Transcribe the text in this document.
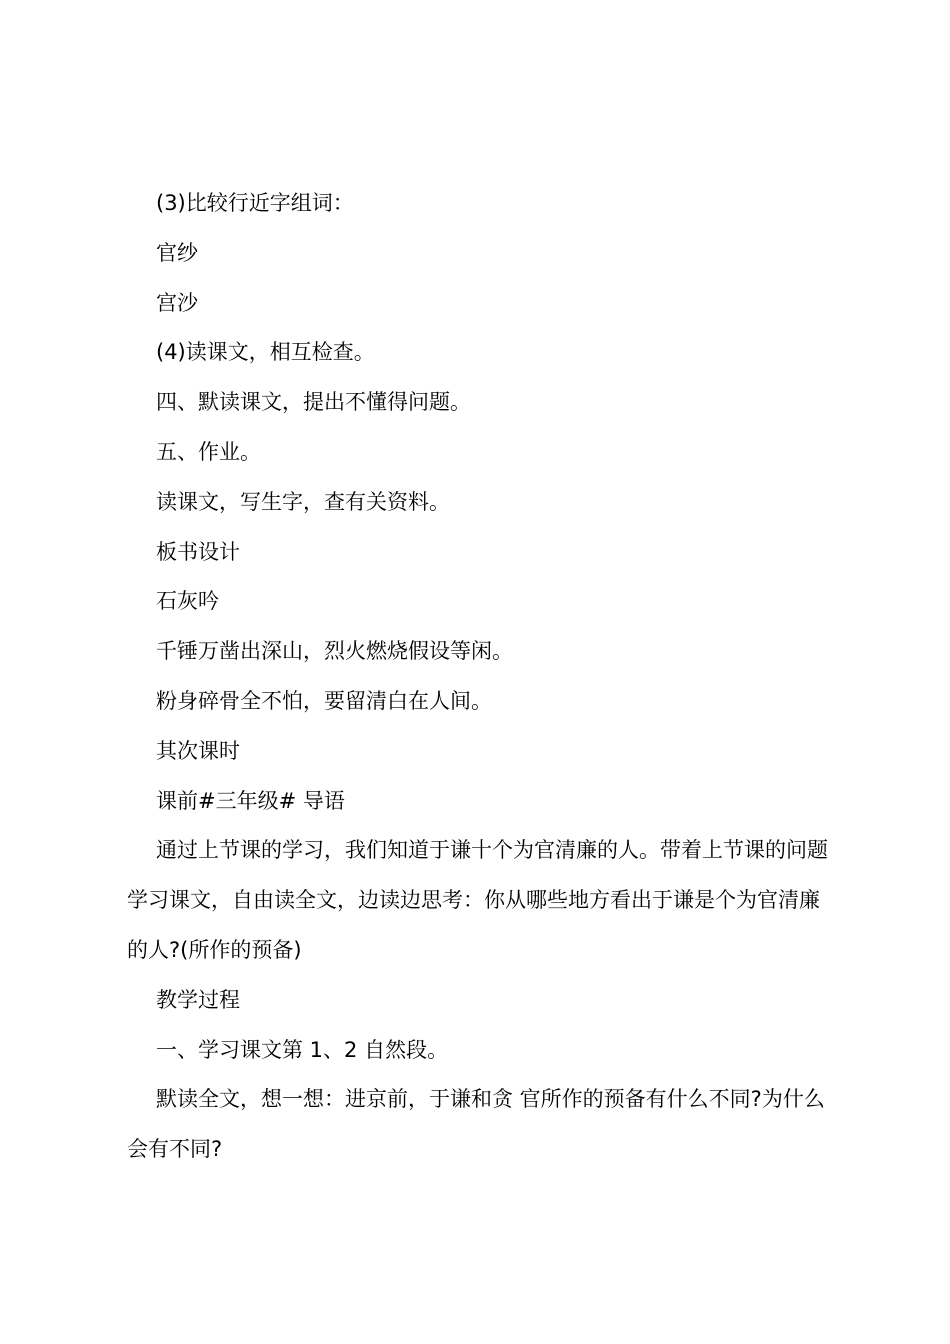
(3)比较行近字组词：

官纱

宫沙

(4)读课文，相互检查。

四、默读课文，提出不懂得问题。

五、作业。

读课文，写生字，查有关资料。

板书设计

石灰吟

千锤万凿出深山，烈火燃烧假设等闲。

粉身碎骨全不怕，要留清白在人间。

其次课时

课前#三年级# 导语

通过上节课的学习，我们知道于谦十个为官清廉的人。带着上节课的问题学习课文，自由读全文，边读边思考：你从哪些地方看出于谦是个为官清廉的人?(所作的预备)

教学过程

一、学习课文第 1、2 自然段。

默读全文，想一想：进京前，于谦和贪 官所作的预备有什么不同?为什么会有不同?
